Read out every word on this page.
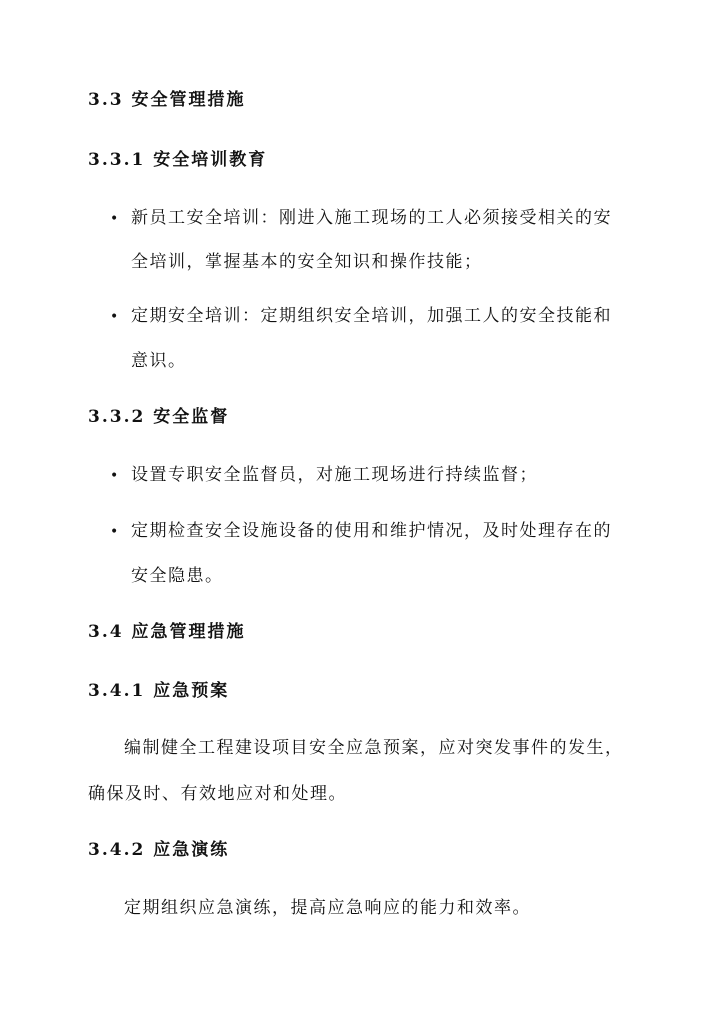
3.3 安全管理措施
3.3.1 安全培训教育
• 新员工安全培训：刚进入施工现场的工人必须接受相关的安
全培训，掌握基本的安全知识和操作技能；
• 定期安全培训：定期组织安全培训，加强工人的安全技能和
意识。
3.3.2 安全监督
• 设置专职安全监督员，对施工现场进行持续监督；
• 定期检查安全设施设备的使用和维护情况，及时处理存在的
安全隐患。
3.4 应急管理措施
3.4.1 应急预案
编制健全工程建设项目安全应急预案，应对突发事件的发生，
确保及时、有效地应对和处理。
3.4.2 应急演练
定期组织应急演练，提高应急响应的能力和效率。
